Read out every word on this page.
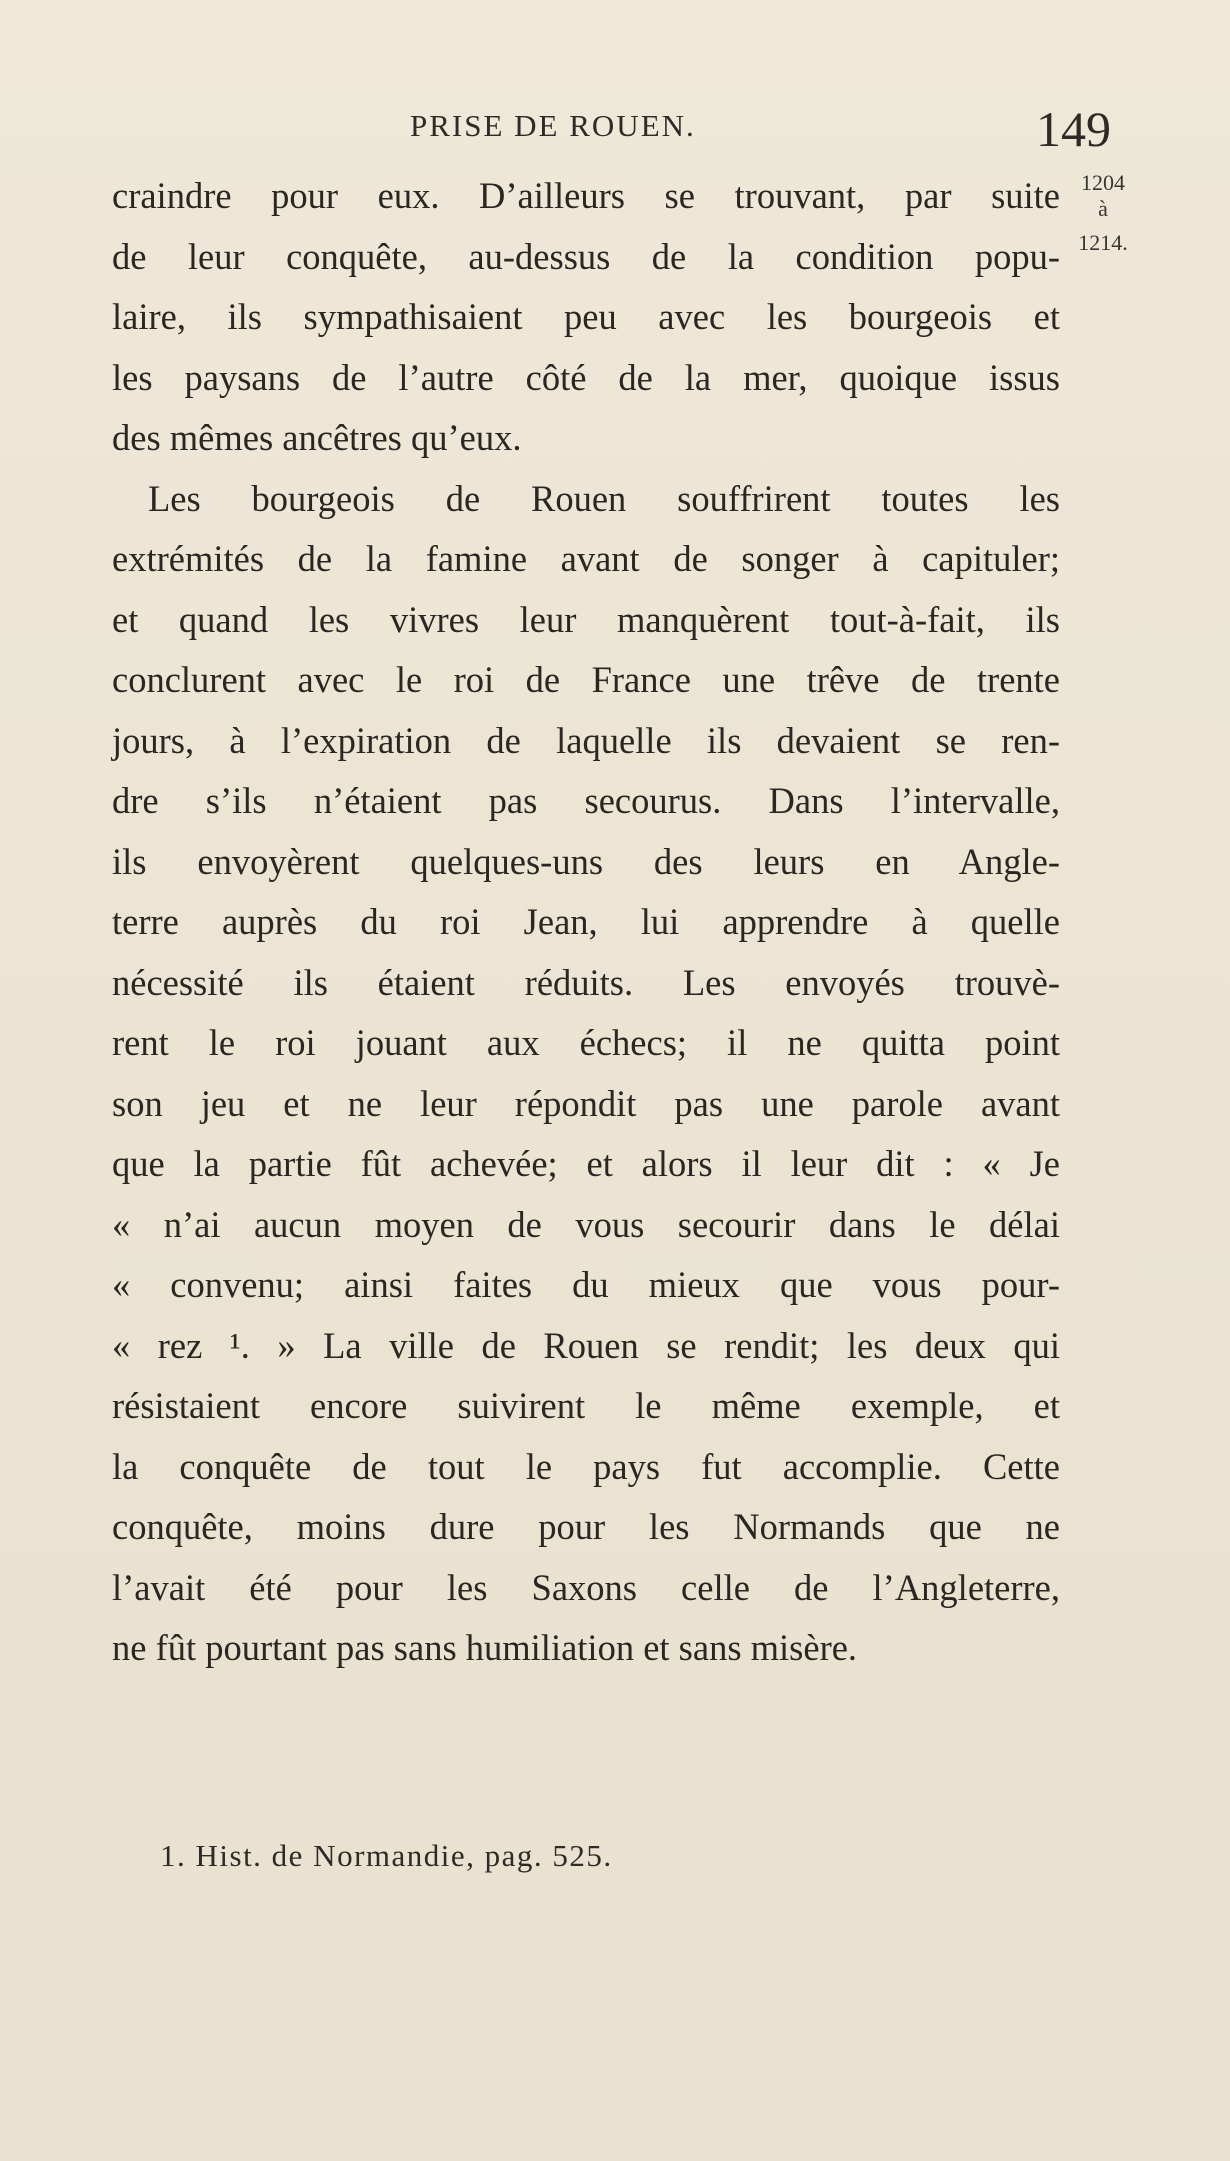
PRISE DE ROUEN.	149
1204
à
1214.
craindre pour eux. D’ailleurs se trouvant, par suite
de leur conquête, au-dessus de la condition popu-
laire, ils sympathisaient peu avec les bourgeois et
les paysans de l’autre côté de la mer, quoique issus
des mêmes ancêtres qu’eux.
Les bourgeois de Rouen souffrirent toutes les
extrémités de la famine avant de songer à capituler;
et quand les vivres leur manquèrent tout-à-fait, ils
conclurent avec le roi de France une trêve de trente
jours, à l’expiration de laquelle ils devaient se ren-
dre s’ils n’étaient pas secourus. Dans l’intervalle,
ils envoyèrent quelques-uns des leurs en Angle-
terre auprès du roi Jean, lui apprendre à quelle
nécessité ils étaient réduits. Les envoyés trouvè-
rent le roi jouant aux échecs; il ne quitta point
son jeu et ne leur répondit pas une parole avant
que la partie fût achevée; et alors il leur dit : « Je
« n’ai aucun moyen de vous secourir dans le délai
« convenu; ainsi faites du mieux que vous pour-
« rez ¹. » La ville de Rouen se rendit; les deux qui
résistaient encore suivirent le même exemple, et
la conquête de tout le pays fut accomplie. Cette
conquête, moins dure pour les Normands que ne
l’avait été pour les Saxons celle de l’Angleterre,
ne fût pourtant pas sans humiliation et sans misère.
1. Hist. de Normandie, pag. 525.
